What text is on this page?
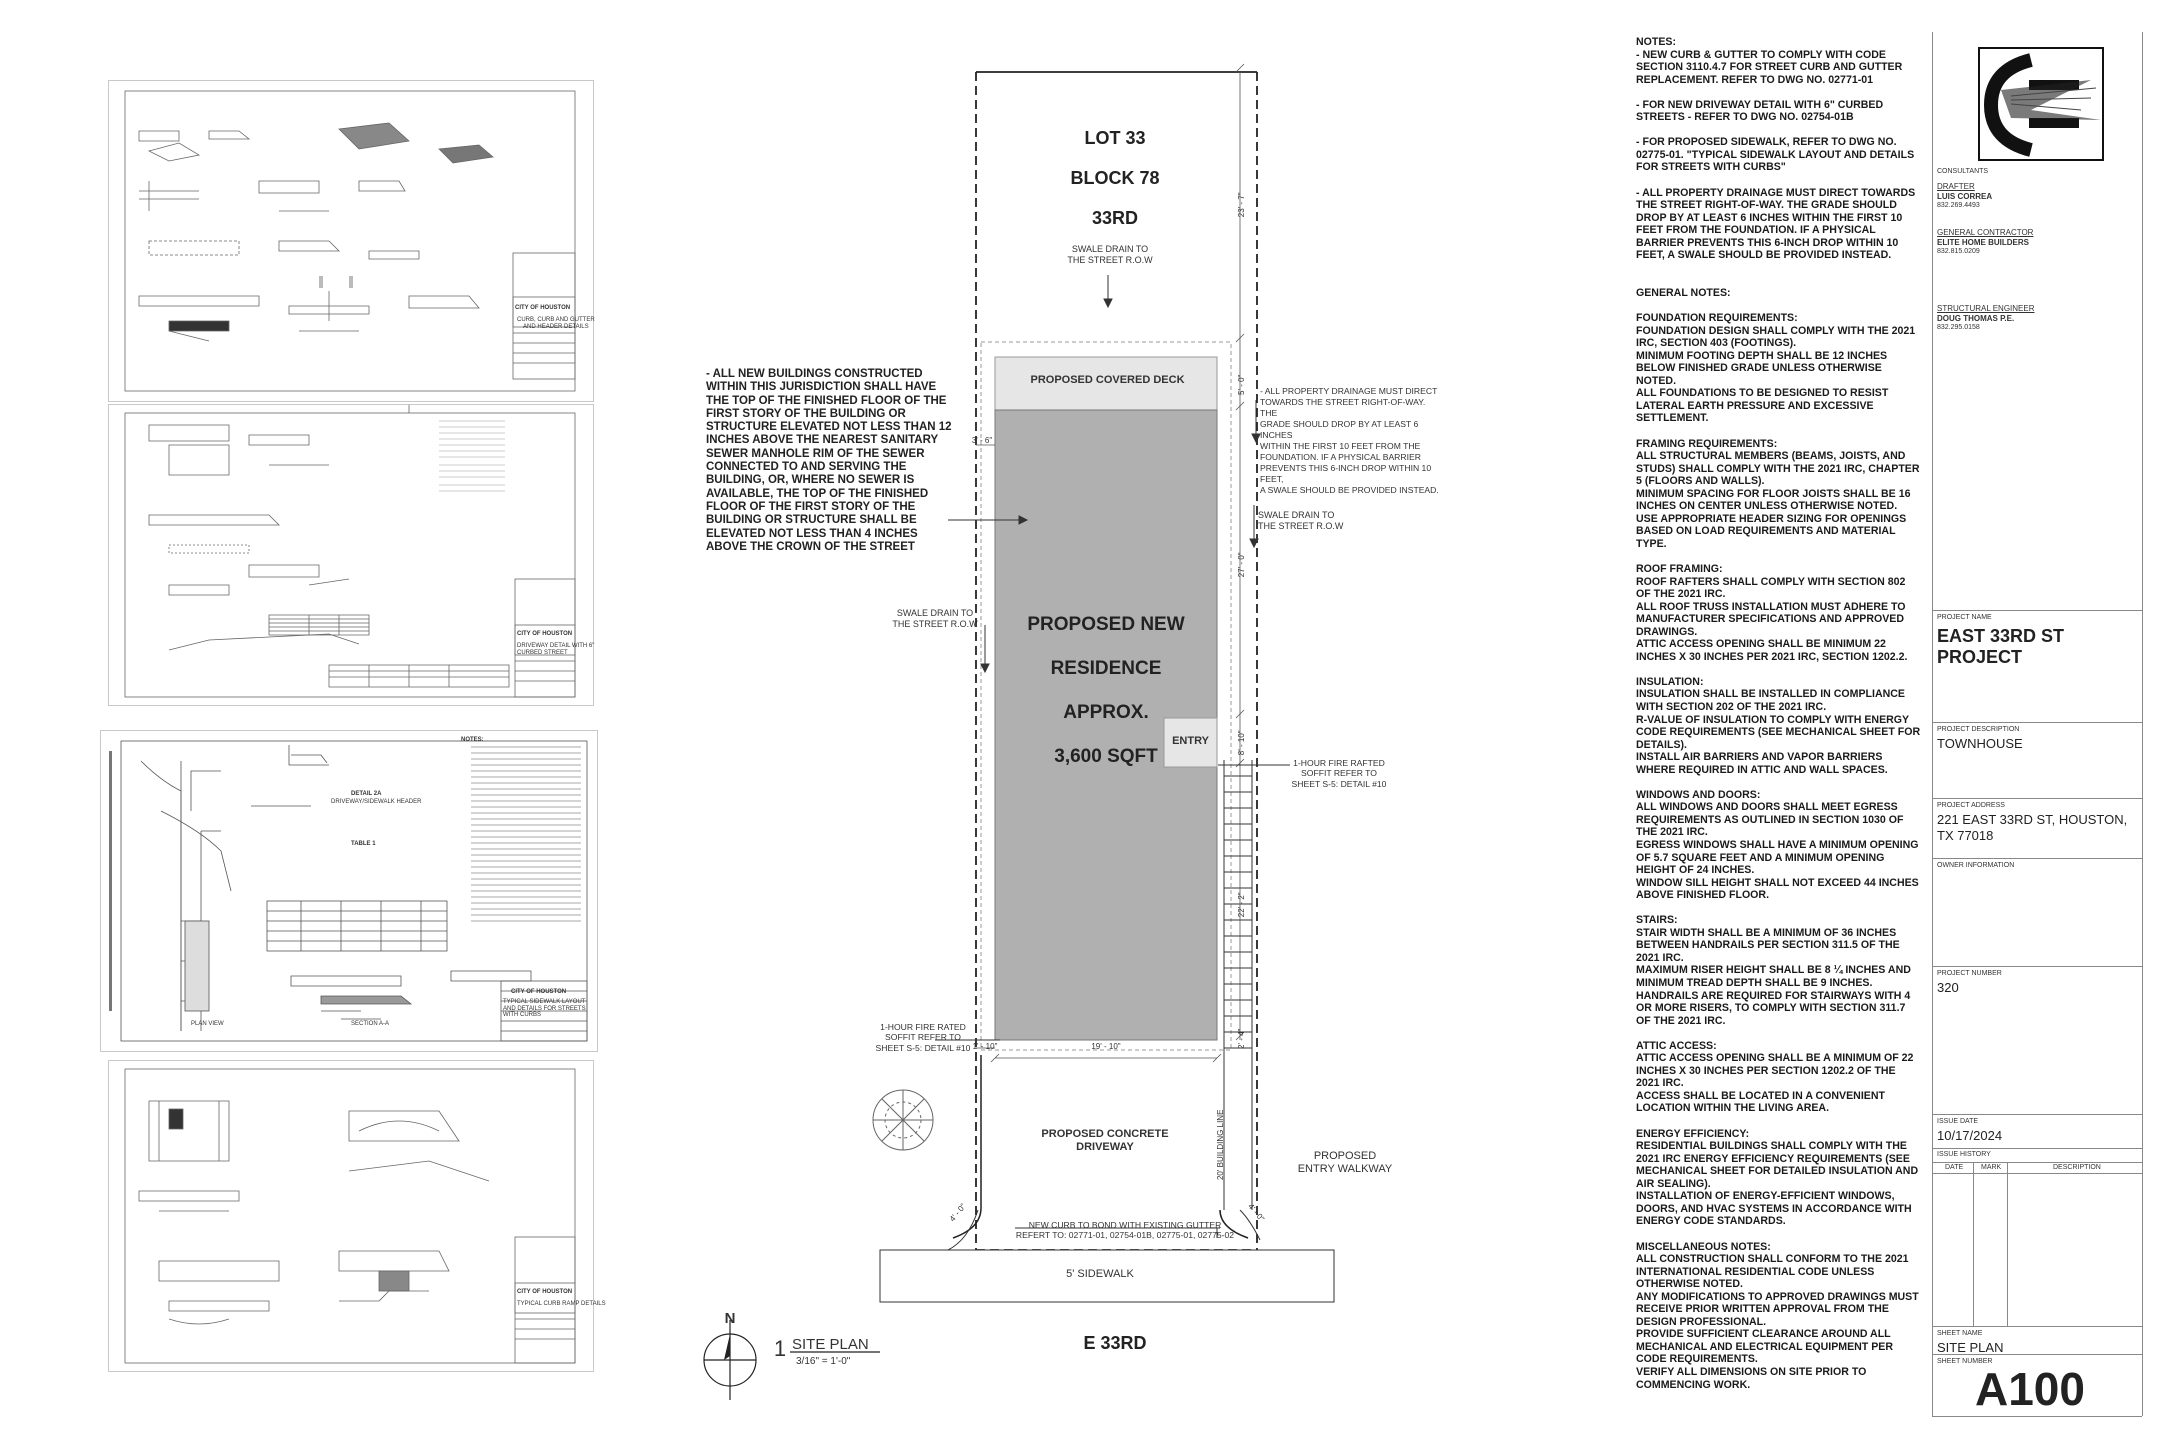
CITY OF HOUSTON
CURB, CURB AND GUTTER
AND HEADER DETAILS
CITY OF HOUSTON
DRIVEWAY DETAIL WITH 6"
CURBED STREET
NOTES:
DETAIL 2A
DRIVEWAY/SIDEWALK HEADER
TABLE 1
PLAN VIEW	SECTION A-A
CITY OF HOUSTON
TYPICAL SIDEWALK LAYOUT
AND DETAILS FOR STREETS
WITH CURBS
CITY OF HOUSTON
TYPICAL CURB RAMP DETAILS

LOT 33

BLOCK 78

33RD

SWALE DRAIN TO
THE STREET R.O.W
PROPOSED COVERED DECK

PROPOSED NEW

RESIDENCE

APPROX.

3,600 SQFT

ENTRY
PROPOSED CONCRETE
DRIVEWAY
PROPOSED
ENTRY WALKWAY
5' SIDEWALK
E 33RD
SWALE DRAIN TO
THE STREET R.O.W
SWALE DRAIN TO
THE STREET R.O.W
- ALL PROPERTY DRAINAGE MUST DIRECT
TOWARDS THE STREET RIGHT-OF-WAY. THE
GRADE SHOULD DROP BY AT LEAST 6 INCHES
WITHIN THE FIRST 10 FEET FROM THE
FOUNDATION. IF A PHYSICAL BARRIER
PREVENTS THIS 6-INCH DROP WITHIN 10 FEET,
A SWALE SHOULD BE PROVIDED INSTEAD.
1-HOUR FIRE RAFTED
SOFFIT REFER TO
SHEET S-5: DETAIL #10
1-HOUR FIRE RATED
SOFFIT REFER TO
SHEET S-5: DETAIL #10
NEW CURB TO BOND WITH EXISTING GUTTER
REFERT TO: 02771-01, 02754-01B, 02775-01, 02775-02
20' BUILDING LINE
23' - 7"
5' - 0"
27' - 0"
8' - 10"
22' - 2"
2' - 4"
19' - 10"
1' - 10"
3' - 6"
4' - 0"	4' - 0"
N
1 SITE PLAN
3/16" = 1'-0"
- ALL NEW BUILDINGS CONSTRUCTED WITHIN THIS JURISDICTION SHALL HAVE THE TOP OF THE FINISHED FLOOR OF THE FIRST STORY OF THE BUILDING OR STRUCTURE ELEVATED NOT LESS THAN 12 INCHES ABOVE THE NEAREST SANITARY SEWER MANHOLE RIM OF THE SEWER
CONNECTED TO AND SERVING THE BUILDING, OR, WHERE NO SEWER IS AVAILABLE, THE TOP OF THE FINISHED FLOOR OF THE FIRST STORY OF THE BUILDING OR STRUCTURE SHALL BE ELEVATED NOT LESS THAN 4 INCHES ABOVE THE CROWN OF THE STREET
NOTES:
- NEW CURB & GUTTER TO COMPLY WITH CODE SECTION 3110.4.7 FOR STREET CURB AND GUTTER REPLACEMENT. REFER TO DWG NO. 02771-01
- FOR NEW DRIVEWAY DETAIL WITH 6" CURBED STREETS - REFER TO DWG NO. 02754-01B
- FOR PROPOSED SIDEWALK, REFER TO DWG NO. 02775-01. "TYPICAL SIDEWALK LAYOUT AND DETAILS FOR STREETS WITH CURBS"
- ALL PROPERTY DRAINAGE MUST DIRECT TOWARDS THE STREET RIGHT-OF-WAY. THE GRADE SHOULD DROP BY AT LEAST 6 INCHES WITHIN THE FIRST 10 FEET FROM THE FOUNDATION. IF A PHYSICAL BARRIER PREVENTS THIS 6-INCH DROP WITHIN 10 FEET, A SWALE SHOULD BE PROVIDED INSTEAD.
GENERAL NOTES:
FOUNDATION REQUIREMENTS:
FOUNDATION DESIGN SHALL COMPLY WITH THE 2021 IRC, SECTION 403 (FOOTINGS).
MINIMUM FOOTING DEPTH SHALL BE 12 INCHES BELOW FINISHED GRADE UNLESS OTHERWISE NOTED.
ALL FOUNDATIONS TO BE DESIGNED TO RESIST LATERAL EARTH PRESSURE AND EXCESSIVE SETTLEMENT.
FRAMING REQUIREMENTS:
ALL STRUCTURAL MEMBERS (BEAMS, JOISTS, AND STUDS) SHALL COMPLY WITH THE 2021 IRC, CHAPTER 5 (FLOORS AND WALLS).
MINIMUM SPACING FOR FLOOR JOISTS SHALL BE 16 INCHES ON CENTER UNLESS OTHERWISE NOTED.
USE APPROPRIATE HEADER SIZING FOR OPENINGS BASED ON LOAD REQUIREMENTS AND MATERIAL TYPE.
ROOF FRAMING:
ROOF RAFTERS SHALL COMPLY WITH SECTION 802 OF THE 2021 IRC.
ALL ROOF TRUSS INSTALLATION MUST ADHERE TO MANUFACTURER SPECIFICATIONS AND APPROVED DRAWINGS.
ATTIC ACCESS OPENING SHALL BE MINIMUM 22 INCHES X 30 INCHES PER 2021 IRC, SECTION 1202.2.
INSULATION:
INSULATION SHALL BE INSTALLED IN COMPLIANCE WITH SECTION 202 OF THE 2021 IRC.
R-VALUE OF INSULATION TO COMPLY WITH ENERGY CODE REQUIREMENTS (SEE MECHANICAL SHEET FOR DETAILS).
INSTALL AIR BARRIERS AND VAPOR BARRIERS WHERE REQUIRED IN ATTIC AND WALL SPACES.
WINDOWS AND DOORS:
ALL WINDOWS AND DOORS SHALL MEET EGRESS REQUIREMENTS AS OUTLINED IN SECTION 1030 OF THE 2021 IRC.
EGRESS WINDOWS SHALL HAVE A MINIMUM OPENING OF 5.7 SQUARE FEET AND A MINIMUM OPENING HEIGHT OF 24 INCHES.
WINDOW SILL HEIGHT SHALL NOT EXCEED 44 INCHES ABOVE FINISHED FLOOR.
STAIRS:
STAIR WIDTH SHALL BE A MINIMUM OF 36 INCHES BETWEEN HANDRAILS PER SECTION 311.5 OF THE 2021 IRC.
MAXIMUM RISER HEIGHT SHALL BE 8 ¼ INCHES AND MINIMUM TREAD DEPTH SHALL BE 9 INCHES.
HANDRAILS ARE REQUIRED FOR STAIRWAYS WITH 4 OR MORE RISERS, TO COMPLY WITH SECTION 311.7 OF THE 2021 IRC.
ATTIC ACCESS:
ATTIC ACCESS OPENING SHALL BE A MINIMUM OF 22 INCHES X 30 INCHES PER SECTION 1202.2 OF THE 2021 IRC.
ACCESS SHALL BE LOCATED IN A CONVENIENT LOCATION WITHIN THE LIVING AREA.
ENERGY EFFICIENCY:
RESIDENTIAL BUILDINGS SHALL COMPLY WITH THE 2021 IRC ENERGY EFFICIENCY REQUIREMENTS (SEE MECHANICAL SHEET FOR DETAILED INSULATION AND AIR SEALING).
INSTALLATION OF ENERGY-EFFICIENT WINDOWS, DOORS, AND HVAC SYSTEMS IN ACCORDANCE WITH ENERGY CODE STANDARDS.
MISCELLANEOUS NOTES:
ALL CONSTRUCTION SHALL CONFORM TO THE 2021 INTERNATIONAL RESIDENTIAL CODE UNLESS OTHERWISE NOTED.
ANY MODIFICATIONS TO APPROVED DRAWINGS MUST RECEIVE PRIOR WRITTEN APPROVAL FROM THE DESIGN PROFESSIONAL.
PROVIDE SUFFICIENT CLEARANCE AROUND ALL MECHANICAL AND ELECTRICAL EQUIPMENT PER CODE REQUIREMENTS.
VERIFY ALL DIMENSIONS ON SITE PRIOR TO COMMENCING WORK.
CONSULTANTS
DRAFTER
LUIS CORREA
832.269.4493
GENERAL CONTRACTOR
ELITE HOME BUILDERS
832.815.0209
STRUCTURAL ENGINEER
DOUG THOMAS P.E.
832.295.0158
PROJECT NAME
EAST 33RD ST PROJECT
PROJECT DESCRIPTION
TOWNHOUSE
PROJECT ADDRESS
221 EAST 33RD ST, HOUSTON, TX 77018
OWNER INFORMATION
PROJECT NUMBER
320
ISSUE DATE
10/17/2024
ISSUE HISTORY
DATE	MARK	DESCRIPTION
SHEET NAME
SITE PLAN
SHEET NUMBER
A100
